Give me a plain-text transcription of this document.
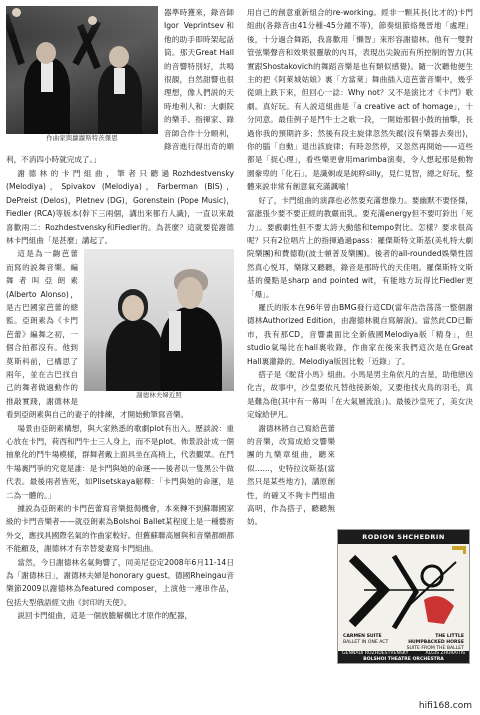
作曲家與蘿蘿斯特茨傑恩

器準時獲來，錄音師Igor Veprintsev和他的助手即時架起話筒。那天Great Hall的音響特別好，共鳴很靚，自然甜響也很理想，像人們説的天時地利人和：大劇院的樂手、指揮家、錄音師合作十分順利，錄音進行得出奇的順利，不消四小時就完成了。」

謝德林的卡門組曲，筆者只聽過Rozhdestvensky (Melodiya)，Spivakov (Melodiya)，Farberman (BIS)，DePreist (Delos)，Pletnev (DG)，Gorenstein (Pope Music)，Fiedler (RCA)等版本(幹下三兩個，講出來都冇人識)，一直以來最喜歡兩二：Rozhdestvensky和Fiedler的。為甚麼？這就要從謝德林卡門組曲「是甚麼」講起了。

謝德林夫婦近照

這是為一齣芭蕾而寫的説舞音樂。編舞者叫亞朗素(Alberto Alonso)，是古巴國家芭蕾的總監。亞朗素為《卡門芭蕾》編舞之初，一個合拍都沒有。他到莫斯科前，已構思了兩年，並在古巴找自己的舞者做過動作的推敲實踐，謝德林是看到亞朗素與自己的妻子的排練，才開始動筆寫音樂。

場景由亞朗素構想，與大家熟悉的歌劇plot有出入。歷談説：重心放在卡門，荷西和門牛士三人身上，而不是plot。佈景設計成一個抽象化的鬥牛場模樣，群舞者戴上面具坐在高椅上，代表觀眾。在鬥牛場裏鬥爭的究竟是誰：是卡門與她的命運——後者以一隻黑公牛做代表。最後兩者皆死，如Plisetskaya解釋：「卡門與她的命運，是二為一體的。」

據説為亞朗素的卡門芭蕾寫音樂挺侷機會，本來轉不到蘇聯國家級的卡門音樂者——就亞朗素為Bolshoi Ballet某程度上是一種藝術外交，應找具國際名氣的作曲家較好。但舊蘇聯高層與和音樂都頗都不能顧及，謝德林才有幸替愛妻寫卡門組曲。

當然，今日謝德林名氣夠響了，同美尼亞定2008年6月11-14日為「謝德林日」，謝德林夫婦是honorary guest。德國Rheingau音樂節2009以謝德林為featured composer，上演他一連串作品，包括大型俄語經文曲《封印的天使》。

説回卡門組曲，這是一個放膽解構比才原作的配器，

用自己的創意重新組合的re-working。經非一顆其長(比才的)卡門組曲(各錄音由41分種-45分鐘不等)，節奏組節絡幾晉地「處理」後，十分過合舞蹈，我喜歡用「懶智」來形容謝德林。他有一雙對管弦樂聲音和效果很靈敏的內耳，表現出尖銳而有所控制的智力(其實跟Shostakovich的舞蹈音樂是也有類似感覺)。隨一次聽他便生主的把《阿萊城姑娘》裏「方當萊」舞曲插入這芭蕾音樂中，幾乎從頭上跌下來，但回心一諗：Why not？又不是演比才《卡門》歌劇。真好玩。有人説這組曲是「a creative act of homage」，十分同意。最佳例子是鬥牛士之歌一段，一開始那個小鼓的抽擊，長過你我的預期許多；然後有段主旋律忽然失蹤(沒有樂器去奏出)，你的腦「自動」退出該旋律；有時忽然停，又忽然再開始——這些都是「捉心理」，看些樂更會用marimba演奏，令人想起那是動物園豢卑的「化石」，是識剃或是純粹silly，見仁見智，總之好玩，整體來説非常有創意氣充滿諷喻！

好了，卡門組曲的演譯也必然要充滿想像力。要幽默不要怪傑，富諧張少要不要正經的教嚴而乳。要充滿energy但不要叮鈴出「死力」。要戲劇性但不要太誇大動態和tempo對比。怎樣？要求很高呢？只有2位唱片上的指揮過過pass：羅傑斯特文斯基(美札特大劇院樂團)和費德勒(波士頓普及樂團)。後者的all-rounded娛樂性固然真心悦耳，樂隊又聽聽，錄音是那時代的天佳唱。羅傑斯特文斯基的優點是sharp and pointed wit，有能地方玩得比Fiedler更「爆」。

羅氏的版本在96年曾由BMG發行這CD(當年浩浩荡荡一整個謝德林Authorized Edition，由謝德林親自寫解說)。當然此CD已斷市，我有那CD，音響畫面比全新俄國Melodiya版「精身」，但studio氣場比在hall裏收錄，作曲家在後來我們這次是在Great Hall裏灌錄的。Melodiya版因比較「近錄」了。

搭子是《駝背小馬》組曲。小馬是男主角依凡的吉星，助他戀凶化吉，故事中，沙皇要依凡替他接新娘，又要他找火鳥的羽毛，真是難為他(其中有一幕叫「在大氣層流浪」)。最後沙皇死了，美女決定嫁給伊凡。

謝德林將自己寫給芭蕾的音樂，改寫成給交響樂團的九樂章組曲，聽來似……，史特拉汶斯基(當然只是某些地方)，講原創性，的確又不夠卡門組曲高明，作為搭子，聽聽無妨。

RODION SHCHEDRIN
CARMEN SUITE
BALLET IN ONE ACT
THE LITTLE HUMPBACKED HORSE
SUITE FROM THE BALLET
GENNADI ROZHDESTVENSKY	ALGIS ZHURAITIS
BOLSHOI THEATRE ORCHESTRA
hifi168.com
